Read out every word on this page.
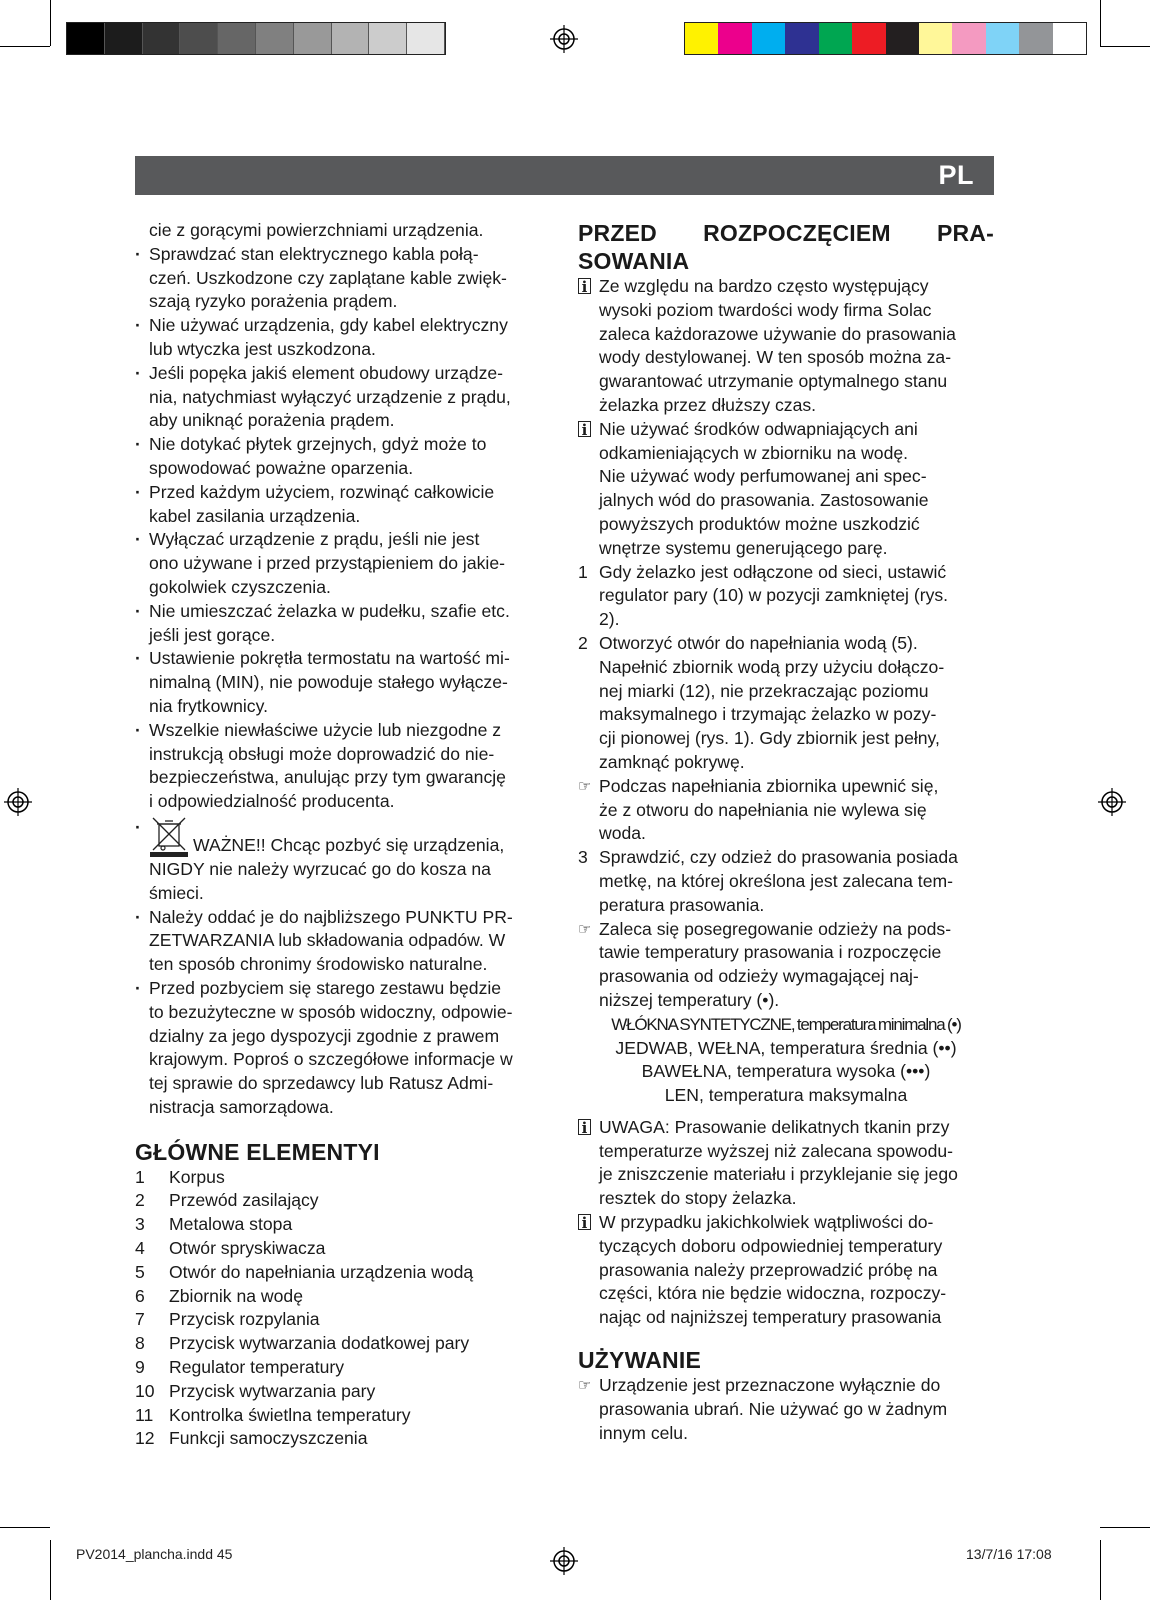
PL

cie z gorącymi powierzchniami urządzenia.

· Sprawdzać stan elektrycznego kabla połą-

czeń. Uszkodzone czy zaplątane kable zwięk-

szają ryzyko porażenia prądem.

· Nie używać urządzenia, gdy kabel elektryczny

lub wtyczka jest uszkodzona.

· Jeśli popęka jakiś element obudowy urządze-

nia, natychmiast wyłączyć urządzenie z prądu,

aby uniknąć porażenia prądem.

· Nie dotykać płytek grzejnych, gdyż może to

spowodować poważne oparzenia.

· Przed każdym użyciem, rozwinąć całkowicie

kabel zasilania urządzenia.

· Wyłączać urządzenie z prądu, jeśli nie jest

ono używane i przed przystąpieniem do jakie-

gokolwiek czyszczenia.

· Nie umieszczać żelazka w pudełku, szafie etc.

jeśli jest gorące.

· Ustawienie pokrętła termostatu na wartość mi-

nimalną (MIN), nie powoduje stałego wyłącze-

nia frytkownicy.

· Wszelkie niewłaściwe użycie lub niezgodne z

instrukcją obsługi może doprowadzić do nie-

bezpieczeństwa, anulując przy tym gwarancję

i odpowiedzialność producenta.

· WAŻNE!! Chcąc pozbyć się urządzenia,

NIGDY nie należy wyrzucać go do kosza na

śmieci.

· Należy oddać je do najbliższego PUNKTU PR-

ZETWARZANIA lub składowania odpadów. W

ten sposób chronimy środowisko naturalne.

· Przed pozbyciem się starego zestawu będzie

to bezużyteczne w sposób widoczny, odpowie-

dzialny za jego dyspozycji zgodnie z prawem

krajowym. Poproś o szczegółowe informacje w

tej sprawie do sprzedawcy lub Ratusz Admi-

nistracja samorządowa.

GŁÓWNE ELEMENTYI
1	Korpus
2	Przewód zasilający
3	Metalowa stopa
4	Otwór spryskiwacza
5	Otwór do napełniania urządzenia wodą
6	Zbiornik na wodę
7	Przycisk rozpylania
8	Przycisk wytwarzania dodatkowej pary
9	Regulator temperatury
10 Przycisk wytwarzania pary
11 Kontrolka świetlna temperatury
12 Funkcji samoczyszczenia
PRZED ROZPOCZĘCIEM PRA-
SOWANIA
i

Ze względu na bardzo często występujący

wysoki poziom twardości wody firma Solac

zaleca każdorazowe używanie do prasowania

wody destylowanej. W ten sposób można za-

gwarantować utrzymanie optymalnego stanu

żelazka przez dłuższy czas.

i

Nie używać środków odwapniających ani

odkamieniających w zbiorniku na wodę.

Nie używać wody perfumowanej ani spec-

jalnych wód do prasowania. Zastosowanie

powyższych produktów możne uszkodzić

wnętrze systemu generującego parę.

1 Gdy żelazko jest odłączone od sieci, ustawić

regulator pary (10) w pozycji zamkniętej (rys.

2).

2 Otworzyć otwór do napełniania wodą (5).

Napełnić zbiornik wodą przy użyciu dołączo-

nej miarki (12), nie przekraczając poziomu

maksymalnego i trzymając żelazko w pozy-

cji pionowej (rys. 1). Gdy zbiornik jest pełny,

zamknąć pokrywę.

☞ Podczas napełniania zbiornika upewnić się,

że z otworu do napełniania nie wylewa się

woda.

3 Sprawdzić, czy odzież do prasowania posiada

metkę, na której określona jest zalecana tem-

peratura prasowania.

☞ Zaleca się posegregowanie odzieży na pods-

tawie temperatury prasowania i rozpoczęcie

prasowania od odzieży wymagającej naj-

niższej temperatury (•).

WŁÓKNA SYNTETYCZNE, temperatura minimalna (•)

JEDWAB, WEŁNA, temperatura średnia (••)

BAWEŁNA, temperatura wysoka (•••)

LEN, temperatura maksymalna

i

UWAGA: Prasowanie delikatnych tkanin przy

temperaturze wyższej niż zalecana spowodu-

je zniszczenie materiału i przyklejanie się jego

resztek do stopy żelazka.

i

W przypadku jakichkolwiek wątpliwości do-

tyczących doboru odpowiedniej temperatury

prasowania należy przeprowadzić próbę na

części, która nie będzie widoczna, rozpoczy-

nając od najniższej temperatury prasowania

UŻYWANIE
☞ Urządzenie jest przeznaczone wyłącznie do

prasowania ubrań. Nie używać go w żadnym

innym celu.

PV2014_plancha.indd 45	13/7/16 17:08
